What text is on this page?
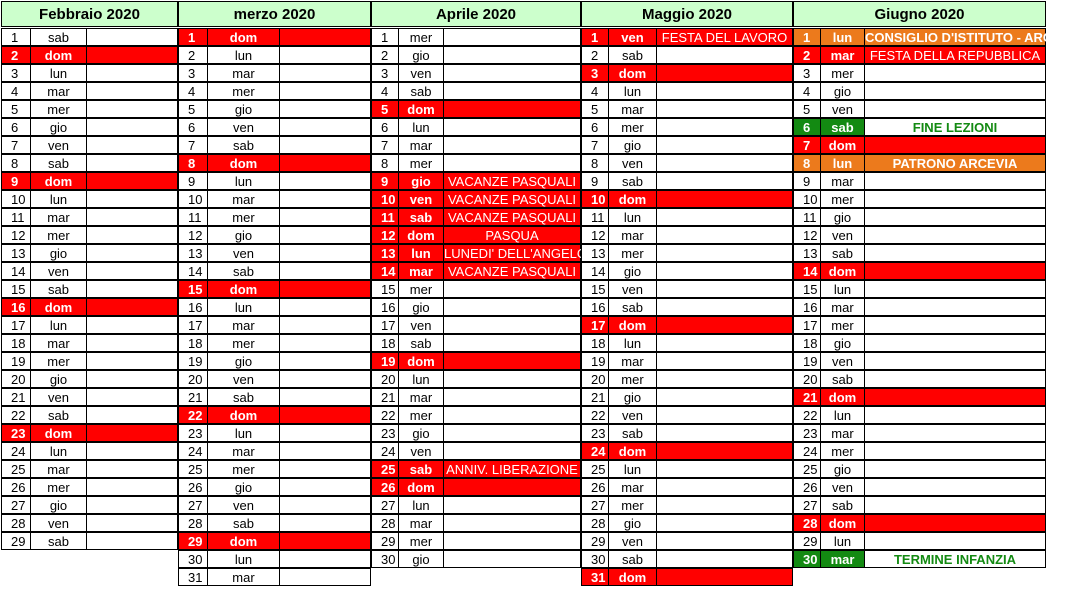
Febbraio 2020
1	sab
2	dom
3	lun
4	mar
5	mer
6	gio
7	ven
8	sab
9	dom
10	lun
11	mar
12	mer
13	gio
14	ven
15	sab
16	dom
17	lun
18	mar
19	mer
20	gio
21	ven
22	sab
23	dom
24	lun
25	mar
26	mer
27	gio
28	ven
29	sab
merzo 2020
1	dom
2	lun
3	mar
4	mer
5	gio
6	ven
7	sab
8	dom
9	lun
10	mar
11	mer
12	gio
13	ven
14	sab
15	dom
16	lun
17	mar
18	mer
19	gio
20	ven
21	sab
22	dom
23	lun
24	mar
25	mer
26	gio
27	ven
28	sab
29	dom
30	lun
31	mar
Aprile 2020
1	mer
2	gio
3	ven
4	sab
5	dom
6	lun
7	mar
8	mer
9	gio	VACANZE PASQUALI
10	ven	VACANZE PASQUALI
11	sab	VACANZE PASQUALI
12 dom	PASQUA
13	lun	LUNEDI' DELL'ANGELO
14	mar	VACANZE PASQUALI
15	mer
16	gio
17	ven
18	sab
19 dom
20	lun
21	mar
22	mer
23	gio
24	ven
25	sab	ANNIV. LIBERAZIONE
26 dom
27	lun
28	mar
29	mer
30	gio
Maggio 2020
1	ven	FESTA DEL LAVORO
2	sab
3	dom
4	lun
5	mar
6	mer
7	gio
8	ven
9	sab
10	dom
11	lun
12	mar
13	mer
14	gio
15	ven
16	sab
17	dom
18	lun
19	mar
20	mer
21	gio
22	ven
23	sab
24	dom
25	lun
26	mar
27	mer
28	gio
29	ven
30	sab
31	dom
Giugno 2020
1	lun CONSIGLIO D'ISTITUTO - ARCEVIA
2	mar	FESTA DELLA REPUBBLICA
3	mer
4	gio
5	ven
6	sab	FINE LEZIONI
7	dom
8	lun	PATRONO ARCEVIA
9	mar
10	mer
11	gio
12	ven
13	sab
14 dom
15	lun
16	mar
17	mer
18	gio
19	ven
20	sab
21 dom
22	lun
23	mar
24	mer
25	gio
26	ven
27	sab
28 dom
29	lun
30	mar	TERMINE INFANZIA
